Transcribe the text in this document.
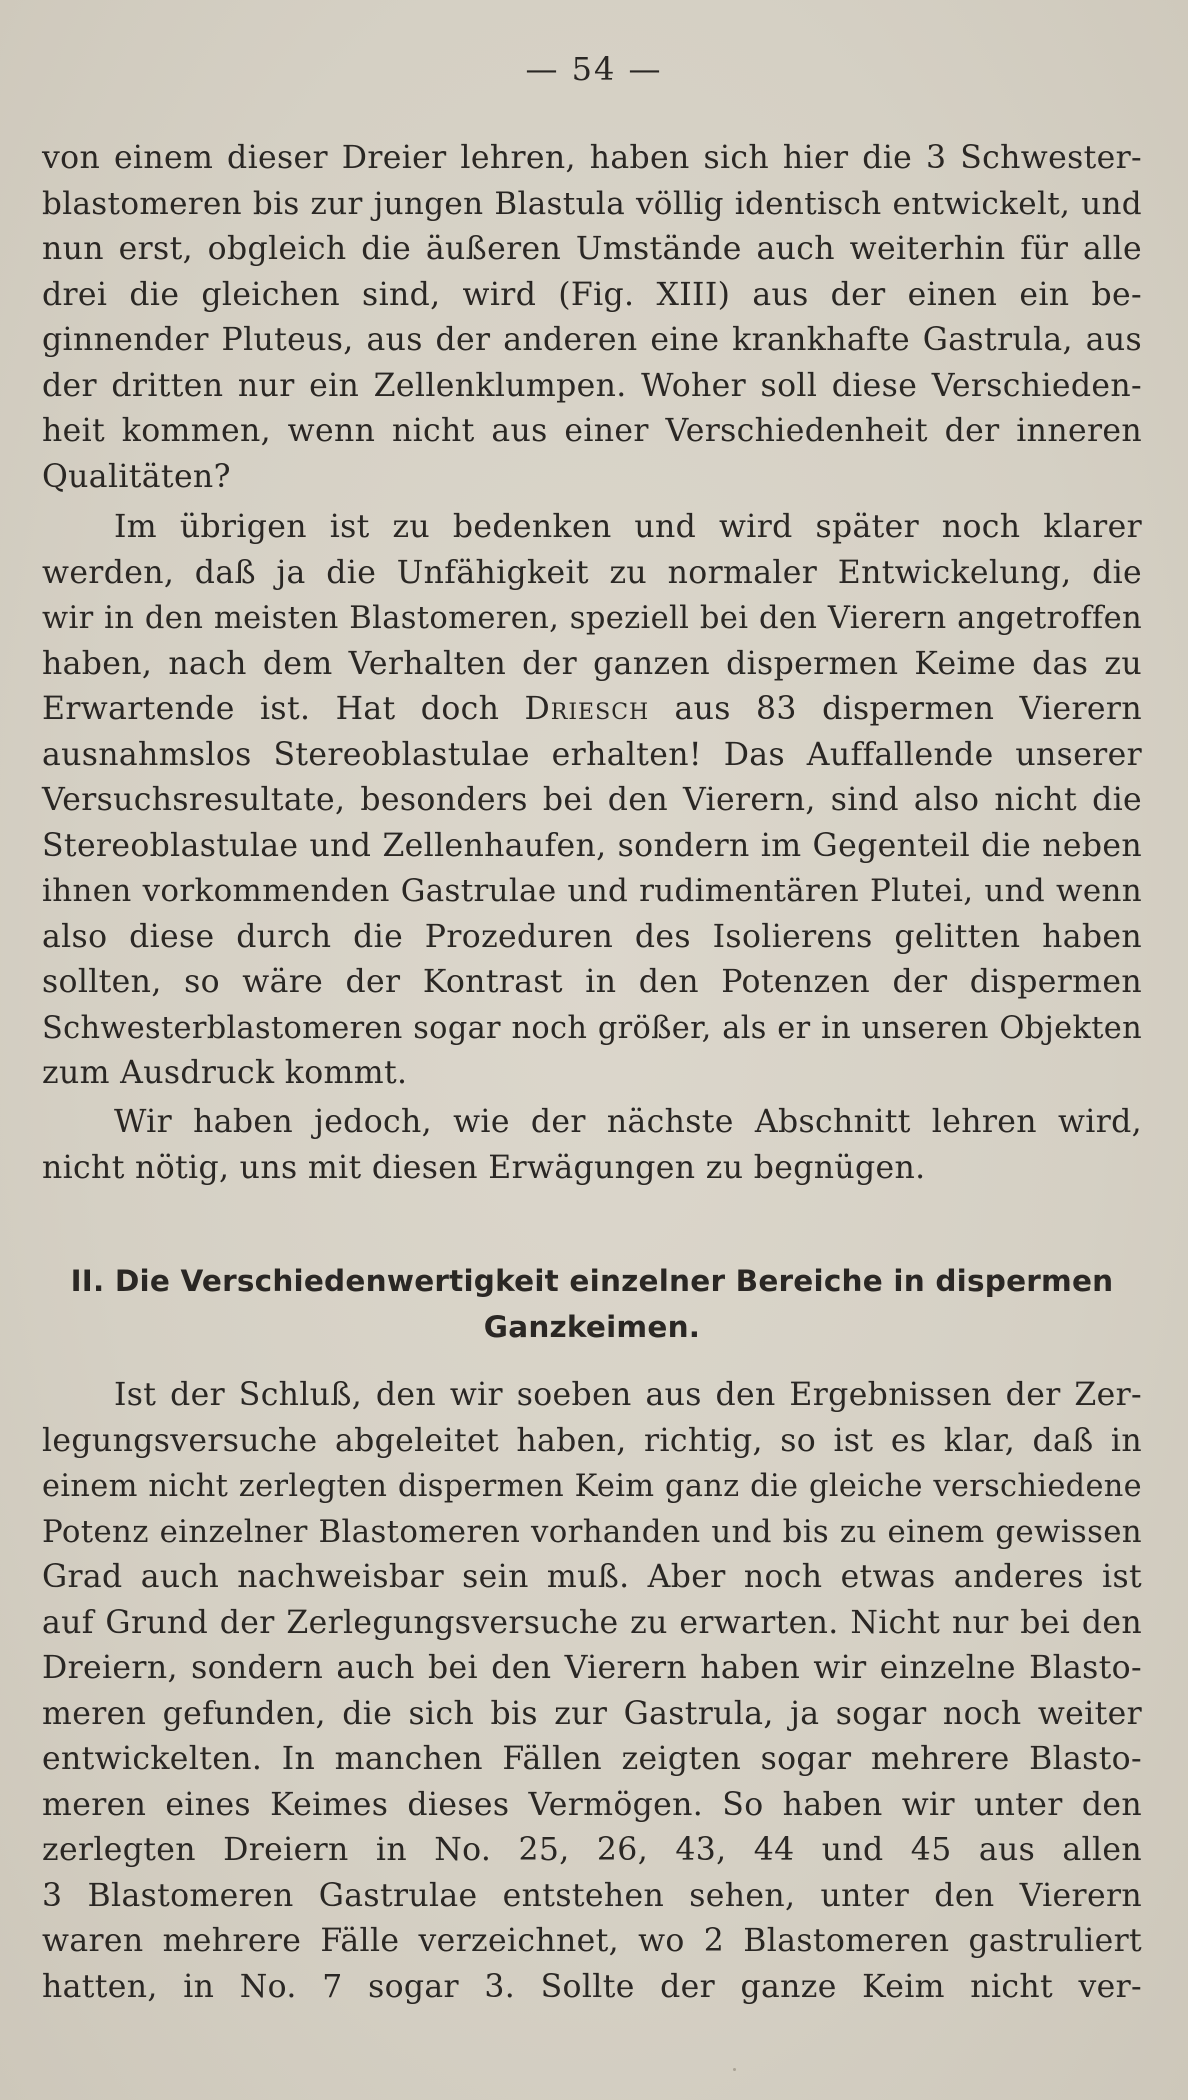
— 54 —
von einem dieser Dreier lehren, haben sich hier die 3 Schwester-
blastomeren bis zur jungen Blastula völlig identisch entwickelt, und
nun erst, obgleich die äußeren Umstände auch weiterhin für alle
drei die gleichen sind, wird (Fig. XIII) aus der einen ein be-
ginnender Pluteus, aus der anderen eine krankhafte Gastrula, aus
der dritten nur ein Zellenklumpen. Woher soll diese Verschieden-
heit kommen, wenn nicht aus einer Verschiedenheit der inneren
Qualitäten?
Im übrigen ist zu bedenken und wird später noch klarer
werden, daß ja die Unfähigkeit zu normaler Entwickelung, die
wir in den meisten Blastomeren, speziell bei den Vierern angetroffen
haben, nach dem Verhalten der ganzen dispermen Keime das zu
Erwartende ist. Hat doch Driesch aus 83 dispermen Vierern
ausnahmslos Stereoblastulae erhalten! Das Auffallende unserer
Versuchsresultate, besonders bei den Vierern, sind also nicht die
Stereoblastulae und Zellenhaufen, sondern im Gegenteil die neben
ihnen vorkommenden Gastrulae und rudimentären Plutei, und wenn
also diese durch die Prozeduren des Isolierens gelitten haben
sollten, so wäre der Kontrast in den Potenzen der dispermen
Schwesterblastomeren sogar noch größer, als er in unseren Objekten
zum Ausdruck kommt.
Wir haben jedoch, wie der nächste Abschnitt lehren wird,
nicht nötig, uns mit diesen Erwägungen zu begnügen.
II. Die Verschiedenwertigkeit einzelner Bereiche in dispermen
Ganzkeimen.
Ist der Schluß, den wir soeben aus den Ergebnissen der Zer-
legungsversuche abgeleitet haben, richtig, so ist es klar, daß in
einem nicht zerlegten dispermen Keim ganz die gleiche verschiedene
Potenz einzelner Blastomeren vorhanden und bis zu einem gewissen
Grad auch nachweisbar sein muß. Aber noch etwas anderes ist
auf Grund der Zerlegungsversuche zu erwarten. Nicht nur bei den
Dreiern, sondern auch bei den Vierern haben wir einzelne Blasto-
meren gefunden, die sich bis zur Gastrula, ja sogar noch weiter
entwickelten. In manchen Fällen zeigten sogar mehrere Blasto-
meren eines Keimes dieses Vermögen. So haben wir unter den
zerlegten Dreiern in No. 25, 26, 43, 44 und 45 aus allen
3 Blastomeren Gastrulae entstehen sehen, unter den Vierern
waren mehrere Fälle verzeichnet, wo 2 Blastomeren gastruliert
hatten, in No. 7 sogar 3. Sollte der ganze Keim nicht ver-
